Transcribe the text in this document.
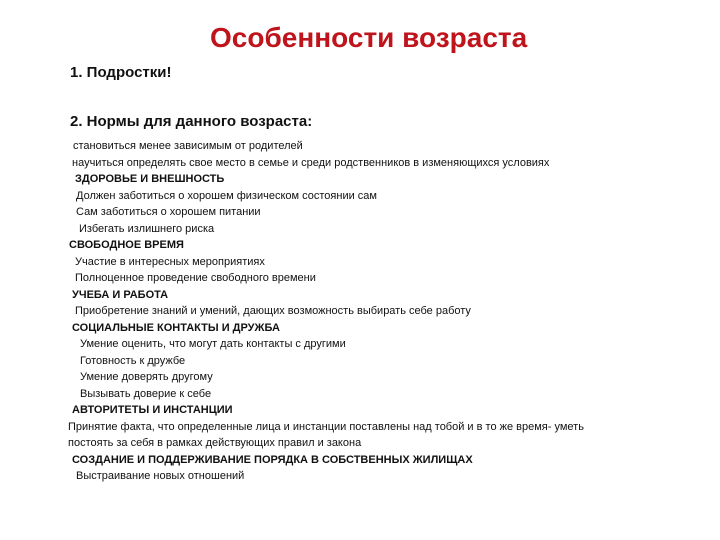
Особенности возраста
1. Подростки!
2. Нормы для данного возраста:
становиться менее зависимым от родителей
научиться определять свое место в семье и среди родственников в изменяющихся условиях
ЗДОРОВЬЕ И ВНЕШНОСТЬ
Должен заботиться о хорошем физическом состоянии сам
Сам заботиться о хорошем питании
Избегать излишнего риска
СВОБОДНОЕ ВРЕМЯ
Участие в интересных мероприятиях
Полноценное проведение свободного времени
УЧЕБА И РАБОТА
Приобретение знаний и умений, дающих возможность выбирать себе работу
СОЦИАЛЬНЫЕ КОНТАКТЫ И ДРУЖБА
Умение оценить, что могут дать контакты с другими
Готовность к дружбе
Умение доверять другому
Вызывать доверие к себе
АВТОРИТЕТЫ И ИНСТАНЦИИ
Принятие факта, что определенные лица и инстанции поставлены над тобой и в то же время- уметь
постоять за себя в рамках действующих правил и закона
СОЗДАНИЕ И ПОДДЕРЖИВАНИЕ ПОРЯДКА В СОБСТВЕННЫХ ЖИЛИЩАХ
Выстраивание новых отношений
